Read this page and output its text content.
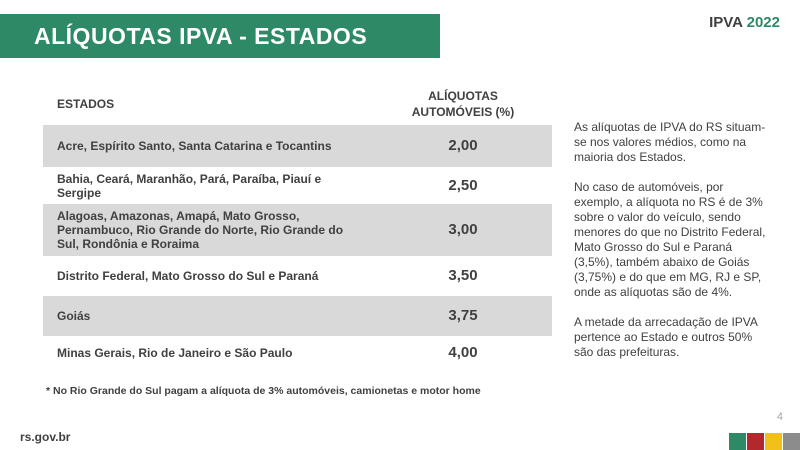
ALÍQUOTAS IPVA - ESTADOS	IPVA 2022
ESTADOS	ALÍQUOTAS AUTOMÓVEIS (%)
Acre, Espírito Santo, Santa Catarina e Tocantins	2,00
Bahia, Ceará, Maranhão, Pará, Paraíba, Piauí e Sergipe	2,50
Alagoas, Amazonas, Amapá, Mato Grosso, Pernambuco, Rio Grande do Norte, Rio Grande do Sul, Rondônia e Roraima	3,00
Distrito Federal, Mato Grosso do Sul e Paraná	3,50
Goiás	3,75
Minas Gerais, Rio de Janeiro e São Paulo	4,00
* No Rio Grande do Sul pagam a alíquota de 3% automóveis, camionetas e motor home

As alíquotas de IPVA do RS situam-se nos valores médios, como na maioria dos Estados.

No caso de automóveis, por exemplo, a alíquota no RS é de 3% sobre o valor do veículo, sendo menores do que no Distrito Federal, Mato Grosso do Sul e Paraná (3,5%), também abaixo de Goiás (3,75%) e do que em MG, RJ e SP, onde as alíquotas são de 4%.

A metade da arrecadação de IPVA pertence ao Estado e outros 50% são das prefeituras.

4
rs.gov.br
